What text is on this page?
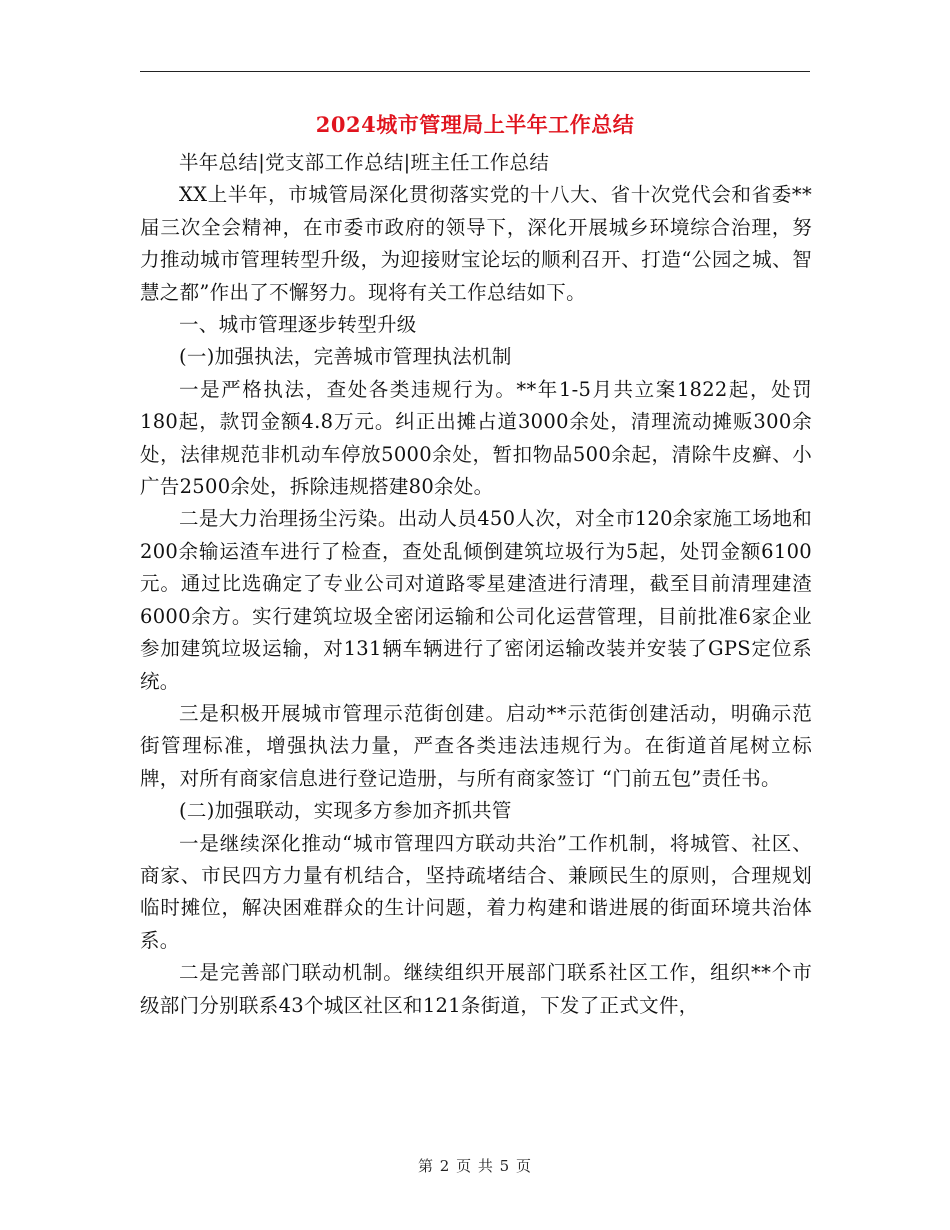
2024城市管理局上半年工作总结

半年总结|党支部工作总结|班主任工作总结

XX上半年，市城管局深化贯彻落实党的十八大、省十次党代会和省委**届三次全会精神，在市委市政府的领导下，深化开展城乡环境综合治理，努力推动城市管理转型升级，为迎接财宝论坛的顺利召开、打造“公园之城、智慧之都”作出了不懈努力。现将有关工作总结如下。

一、城市管理逐步转型升级

(一)加强执法，完善城市管理执法机制

一是严格执法，查处各类违规行为。**年1-5月共立案1822起，处罚180起，款罚金额4.8万元。纠正出摊占道3000余处，清理流动摊贩300余处，法律规范非机动车停放5000余处，暂扣物品500余起，清除牛皮癣、小广告2500余处，拆除违规搭建80余处。

二是大力治理扬尘污染。出动人员450人次，对全市120余家施工场地和200余输运渣车进行了检查，查处乱倾倒建筑垃圾行为5起，处罚金额6100元。通过比选确定了专业公司对道路零星建渣进行清理，截至目前清理建渣6000余方。实行建筑垃圾全密闭运输和公司化运营管理，目前批准6家企业参加建筑垃圾运输，对131辆车辆进行了密闭运输改装并安装了GPS定位系统。

三是积极开展城市管理示范街创建。启动**示范街创建活动，明确示范街管理标准，增强执法力量，严查各类违法违规行为。在街道首尾树立标牌，对所有商家信息进行登记造册，与所有商家签订 “门前五包”责任书。

(二)加强联动，实现多方参加齐抓共管

一是继续深化推动“城市管理四方联动共治”工作机制，将城管、社区、商家、市民四方力量有机结合，坚持疏堵结合、兼顾民生的原则，合理规划临时摊位，解决困难群众的生计问题，着力构建和谐进展的街面环境共治体系。

二是完善部门联动机制。继续组织开展部门联系社区工作，组织**个市级部门分别联系43个城区社区和121条街道，下发了正式文件，

第 2 页 共 5 页
